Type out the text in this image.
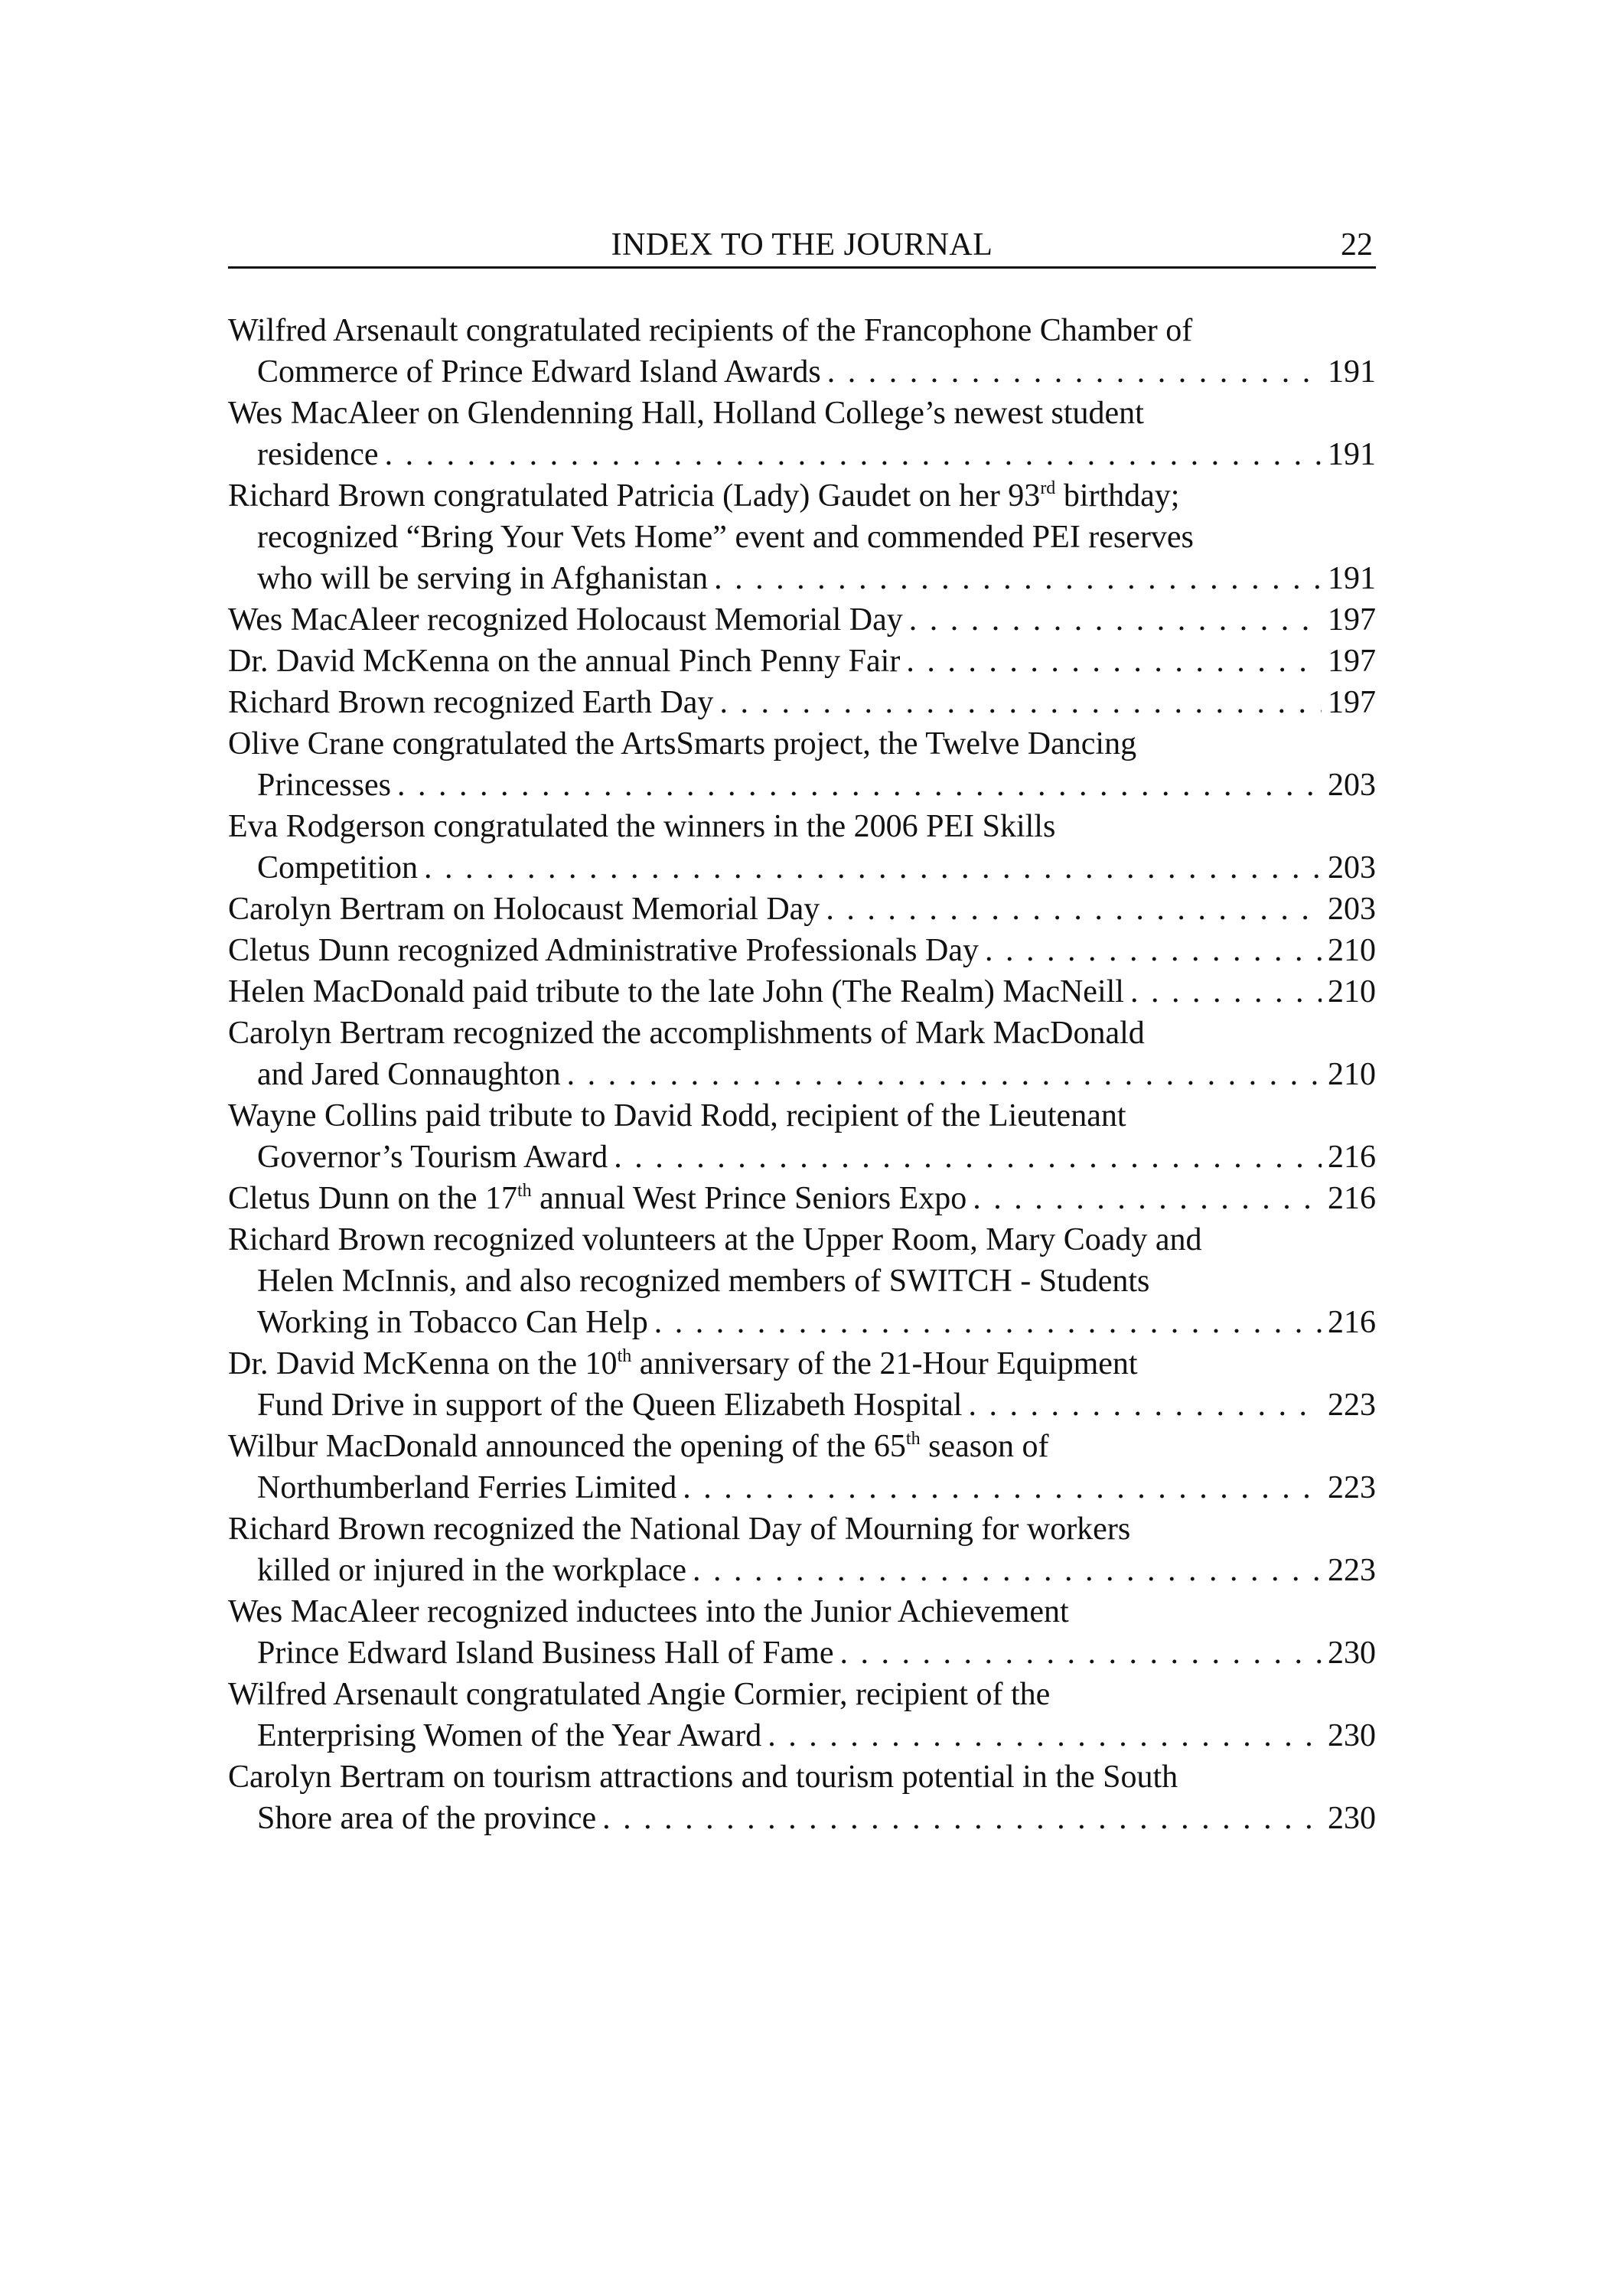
INDEX TO THE JOURNAL	22
Wilfred Arsenault congratulated recipients of the Francophone Chamber of
Commerce of Prince Edward Island Awards . . .	191
Wes MacAleer on Glendenning Hall, Holland College’s newest student
residence . . .	191
Richard Brown congratulated Patricia (Lady) Gaudet on her 93rd birthday;
recognized “Bring Your Vets Home” event and commended PEI reserves
who will be serving in Afghanistan . . .	191
Wes MacAleer recognized Holocaust Memorial Day . . .	197
Dr. David McKenna on the annual Pinch Penny Fair . . .	197
Richard Brown recognized Earth Day . . .	197
Olive Crane congratulated the ArtsSmarts project, the Twelve Dancing
Princesses . . .	203
Eva Rodgerson congratulated the winners in the 2006 PEI Skills
Competition . . .	203
Carolyn Bertram on Holocaust Memorial Day . . .	203
Cletus Dunn recognized Administrative Professionals Day . . .	210
Helen MacDonald paid tribute to the late John (The Realm) MacNeill . . .	210
Carolyn Bertram recognized the accomplishments of Mark MacDonald
and Jared Connaughton . . .	210
Wayne Collins paid tribute to David Rodd, recipient of the Lieutenant
Governor’s Tourism Award . . .	216
Cletus Dunn on the 17th annual West Prince Seniors Expo . . .	216
Richard Brown recognized volunteers at the Upper Room, Mary Coady and
Helen McInnis, and also recognized members of SWITCH - Students
Working in Tobacco Can Help . . .	216
Dr. David McKenna on the 10th anniversary of the 21-Hour Equipment
Fund Drive in support of the Queen Elizabeth Hospital . . .	223
Wilbur MacDonald announced the opening of the 65th season of
Northumberland Ferries Limited . . .	223
Richard Brown recognized the National Day of Mourning for workers
killed or injured in the workplace . . .	223
Wes MacAleer recognized inductees into the Junior Achievement
Prince Edward Island Business Hall of Fame . . .	230
Wilfred Arsenault congratulated Angie Cormier, recipient of the
Enterprising Women of the Year Award . . .	230
Carolyn Bertram on tourism attractions and tourism potential in the South
Shore area of the province . . .	230
